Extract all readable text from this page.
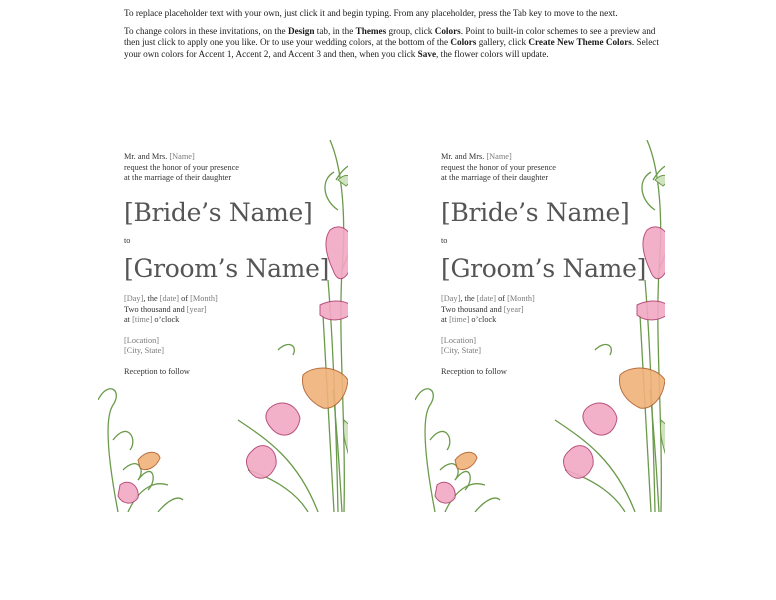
To replace placeholder text with your own, just click it and begin typing. From any placeholder, press the Tab key to move to the next.

To change colors in these invitations, on the Design tab, in the Themes group, click Colors. Point to built-in color schemes to see a preview and then just click to apply one you like. Or to use your wedding colors, at the bottom of the Colors gallery, click Create New Theme Colors. Select your own colors for Accent 1, Accent 2, and Accent 3 and then, when you click Save, the flower colors will update.

Mr. and Mrs. [Name]
request the honor of your presence
at the marriage of their daughter
[Bride’s Name]
to
[Groom’s Name]
[Day], the [date] of [Month]
Two thousand and [year]
at [time] o’clock
[Location]
[City, State]
Reception to follow
Mr. and Mrs. [Name]
request the honor of your presence
at the marriage of their daughter
[Bride’s Name]
to
[Groom’s Name]
[Day], the [date] of [Month]
Two thousand and [year]
at [time] o’clock
[Location]
[City, State]
Reception to follow
